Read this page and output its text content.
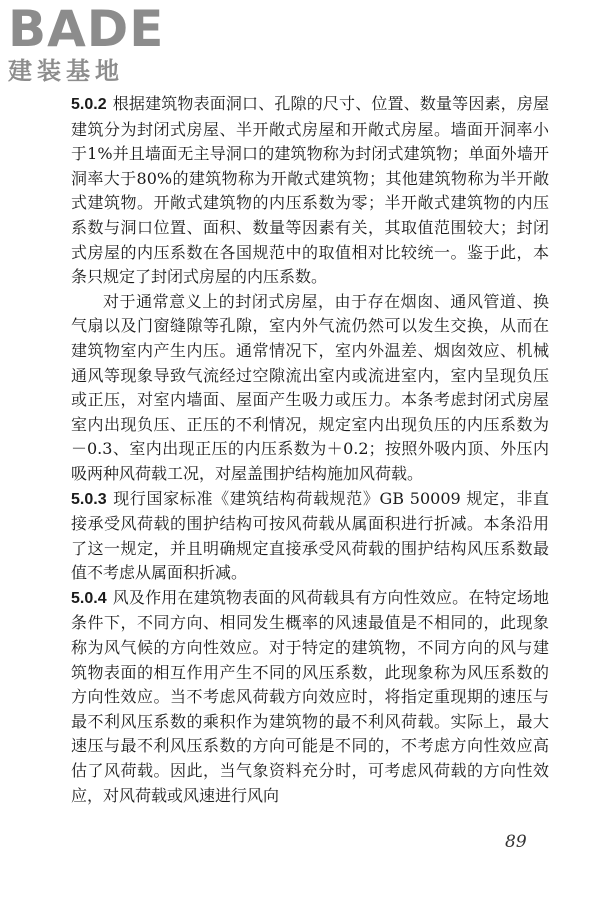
BADE
建装基地

5.0.2 根据建筑物表面洞口、孔隙的尺寸、位置、数量等因素，房屋建筑分为封闭式房屋、半开敞式房屋和开敞式房屋。墙面开洞率小于1%并且墙面无主导洞口的建筑物称为封闭式建筑物；单面外墙开洞率大于80%的建筑物称为开敞式建筑物；其他建筑物称为半开敞式建筑物。开敞式建筑物的内压系数为零；半开敞式建筑物的内压系数与洞口位置、面积、数量等因素有关，其取值范围较大；封闭式房屋的内压系数在各国规范中的取值相对比较统一。鉴于此，本条只规定了封闭式房屋的内压系数。

对于通常意义上的封闭式房屋，由于存在烟囱、通风管道、换气扇以及门窗缝隙等孔隙，室内外气流仍然可以发生交换，从而在建筑物室内产生内压。通常情况下，室内外温差、烟囱效应、机械通风等现象导致气流经过空隙流出室内或流进室内，室内呈现负压或正压，对室内墙面、屋面产生吸力或压力。本条考虑封闭式房屋室内出现负压、正压的不利情况，规定室内出现负压的内压系数为－0.3、室内出现正压的内压系数为＋0.2；按照外吸内顶、外压内吸两种风荷载工况，对屋盖围护结构施加风荷载。

5.0.3 现行国家标准《建筑结构荷载规范》GB 50009 规定，非直接承受风荷载的围护结构可按风荷载从属面积进行折减。本条沿用了这一规定，并且明确规定直接承受风荷载的围护结构风压系数最值不考虑从属面积折减。

5.0.4 风及作用在建筑物表面的风荷载具有方向性效应。在特定场地条件下，不同方向、相同发生概率的风速最值是不相同的，此现象称为风气候的方向性效应。对于特定的建筑物，不同方向的风与建筑物表面的相互作用产生不同的风压系数，此现象称为风压系数的方向性效应。当不考虑风荷载方向效应时，将指定重现期的速压与最不利风压系数的乘积作为建筑物的最不利风荷载。实际上，最大速压与最不利风压系数的方向可能是不同的，不考虑方向性效应高估了风荷载。因此，当气象资料充分时，可考虑风荷载的方向性效应，对风荷载或风速进行风向

89
